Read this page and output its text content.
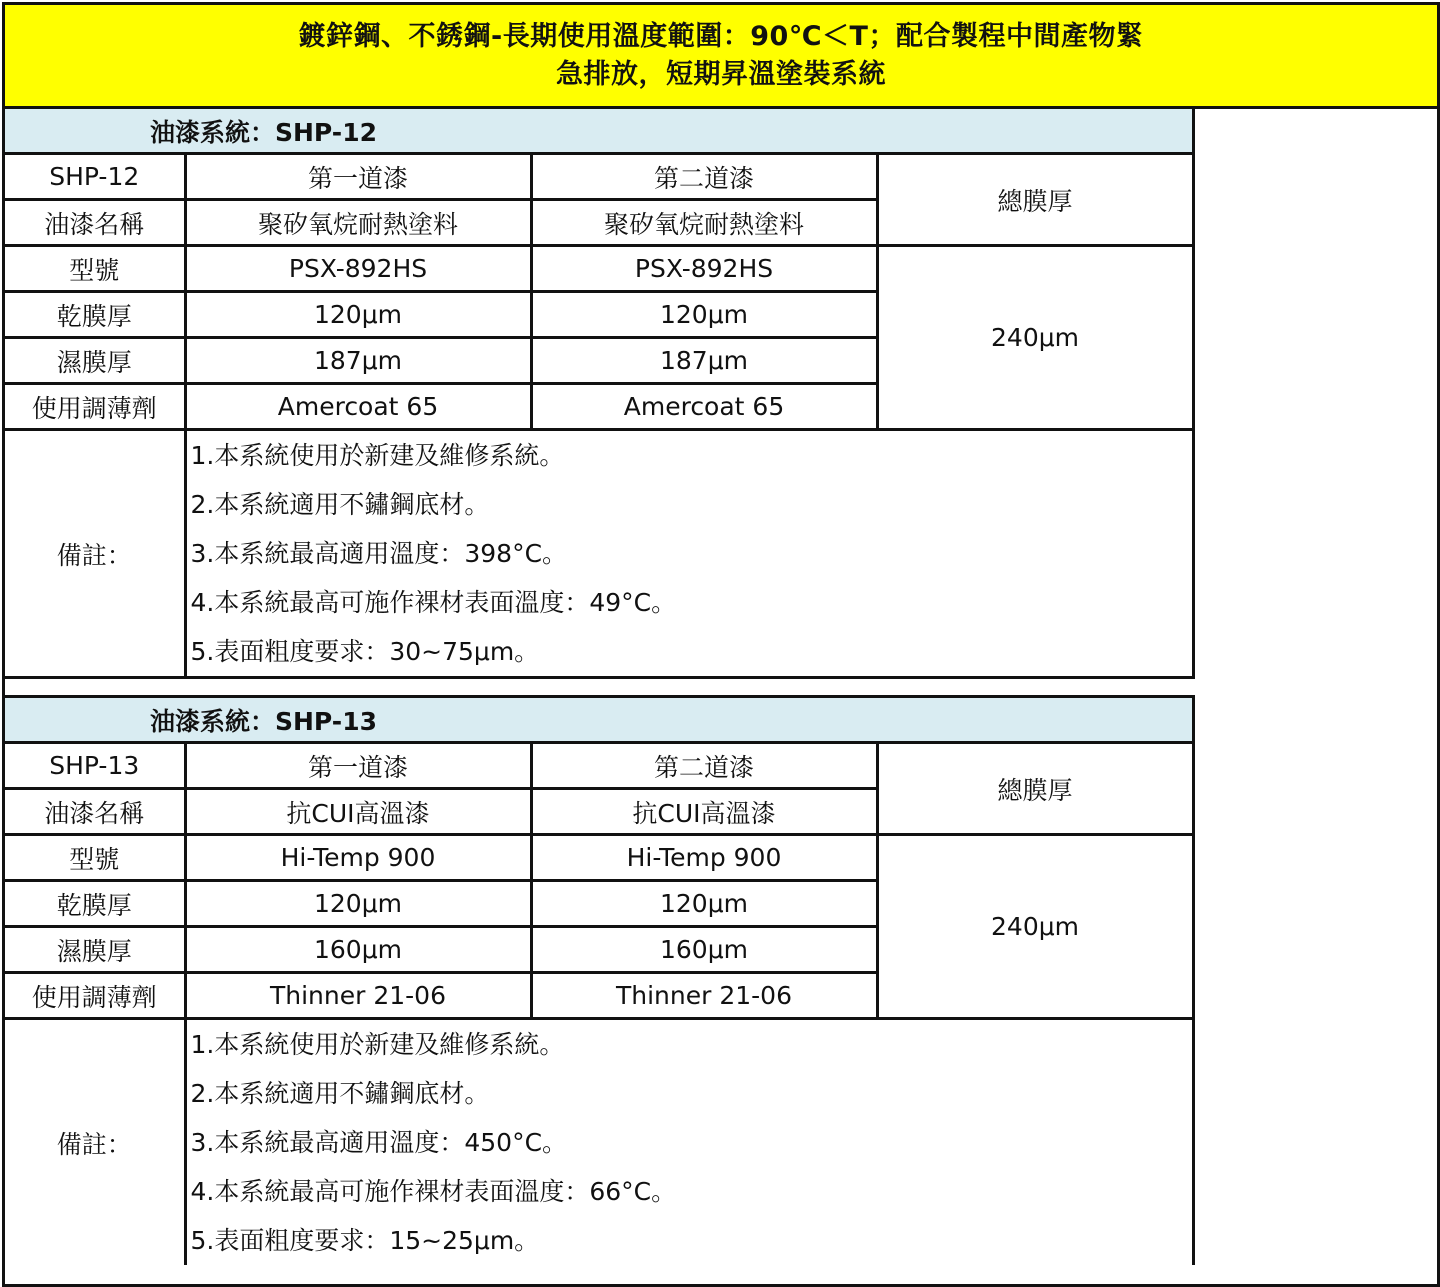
鍍鋅鋼、不銹鋼-長期使用溫度範圍：90℃＜T；配合製程中間產物緊
急排放，短期昇溫塗裝系統
油漆系統：SHP-12			
SHP-12	第一道漆	第二道漆	總膜厚
油漆名稱	聚矽氧烷耐熱塗料	聚矽氧烷耐熱塗料	
型號	PSX-892HS	PSX-892HS	240μm
乾膜厚	120μm	120μm	
濕膜厚	187μm	187μm	
使用調薄劑	Amercoat 65	Amercoat 65	
備註：	1.本系統使用於新建及維修系統。
2.本系統適用不鏽鋼底材。
3.本系統最高適用溫度：398°C。
4.本系統最高可施作裸材表面溫度：49°C。
5.表面粗度要求：30~75μm。		
油漆系統：SHP-13			
SHP-13	第一道漆	第二道漆	總膜厚
油漆名稱	抗CUI高溫漆	抗CUI高溫漆	
型號	Hi-Temp 900	Hi-Temp 900	240μm
乾膜厚	120μm	120μm	
濕膜厚	160μm	160μm	
使用調薄劑	Thinner 21-06	Thinner 21-06	
備註：	1.本系統使用於新建及維修系統。
2.本系統適用不鏽鋼底材。
3.本系統最高適用溫度：450°C。
4.本系統最高可施作裸材表面溫度：66°C。
5.表面粗度要求：15~25μm。		
